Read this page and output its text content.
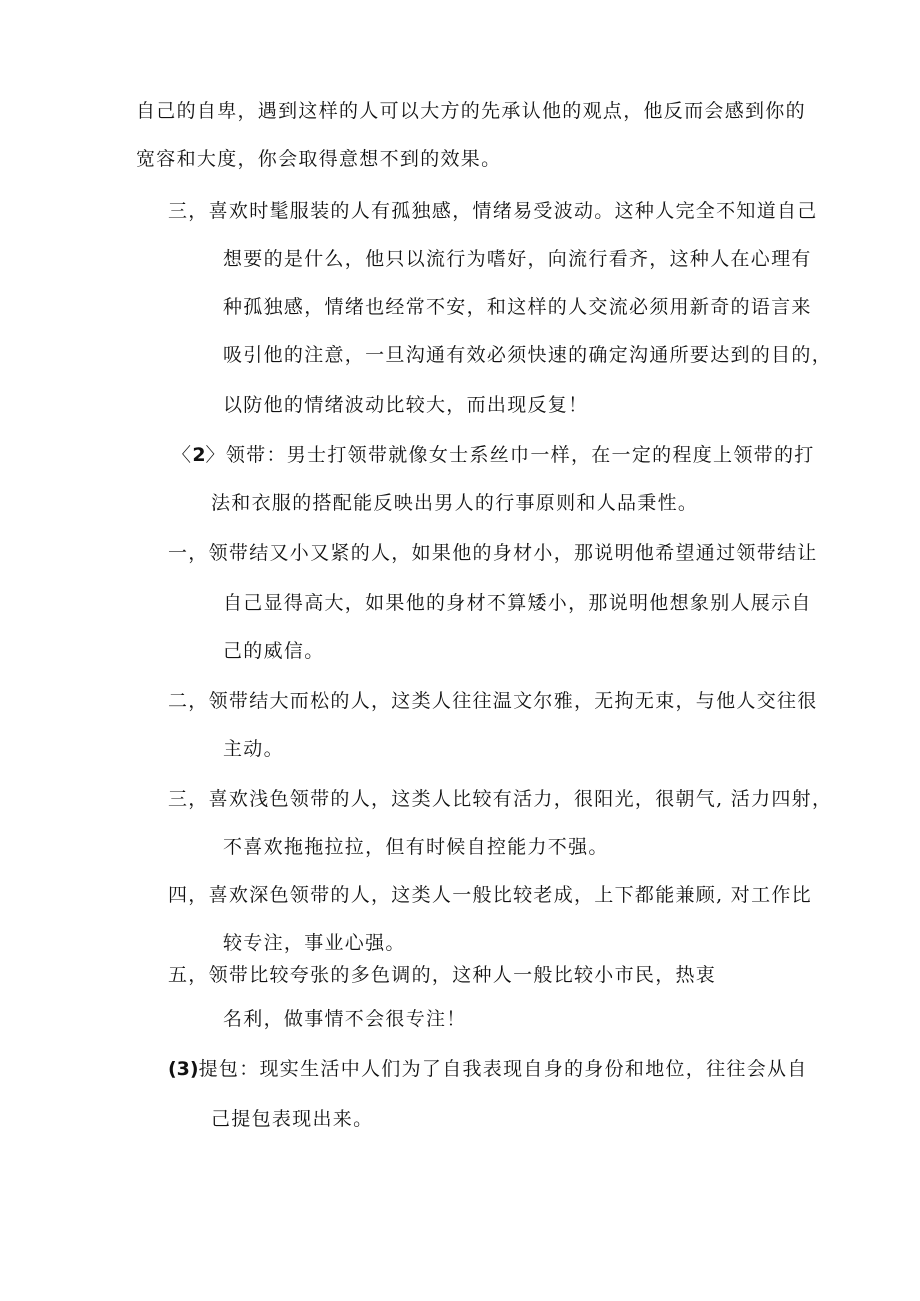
自己的自卑，遇到这样的人可以大方的先承认他的观点，他反而会感到你的
宽容和大度，你会取得意想不到的效果。
三，喜欢时髦服装的人有孤独感，情绪易受波动。这种人完全不知道自己
想要的是什么，他只以流行为嗜好，向流行看齐，这种人在心理有
种孤独感，情绪也经常不安，和这样的人交流必须用新奇的语言来
吸引他的注意，一旦沟通有效必须快速的确定沟通所要达到的目的，
以防他的情绪波动比较大，而出现反复！
〈2〉领带：男士打领带就像女士系丝巾一样，在一定的程度上领带的打
法和衣服的搭配能反映出男人的行事原则和人品秉性。
一，领带结又小又紧的人，如果他的身材小，那说明他希望通过领带结让
自己显得高大，如果他的身材不算矮小，那说明他想象别人展示自
己的威信。
二，领带结大而松的人，这类人往往温文尔雅，无拘无束，与他人交往很
主动。
三，喜欢浅色领带的人，这类人比较有活力，很阳光，很朝气, 活力四射，
不喜欢拖拖拉拉，但有时候自控能力不强。
四，喜欢深色领带的人，这类人一般比较老成，上下都能兼顾, 对工作比
较专注，事业心强。
五，领带比较夸张的多色调的，这种人一般比较小市民，热衷
名利，做事情不会很专注！
(3)提包：现实生活中人们为了自我表现自身的身份和地位，往往会从自
己提包表现出来。
